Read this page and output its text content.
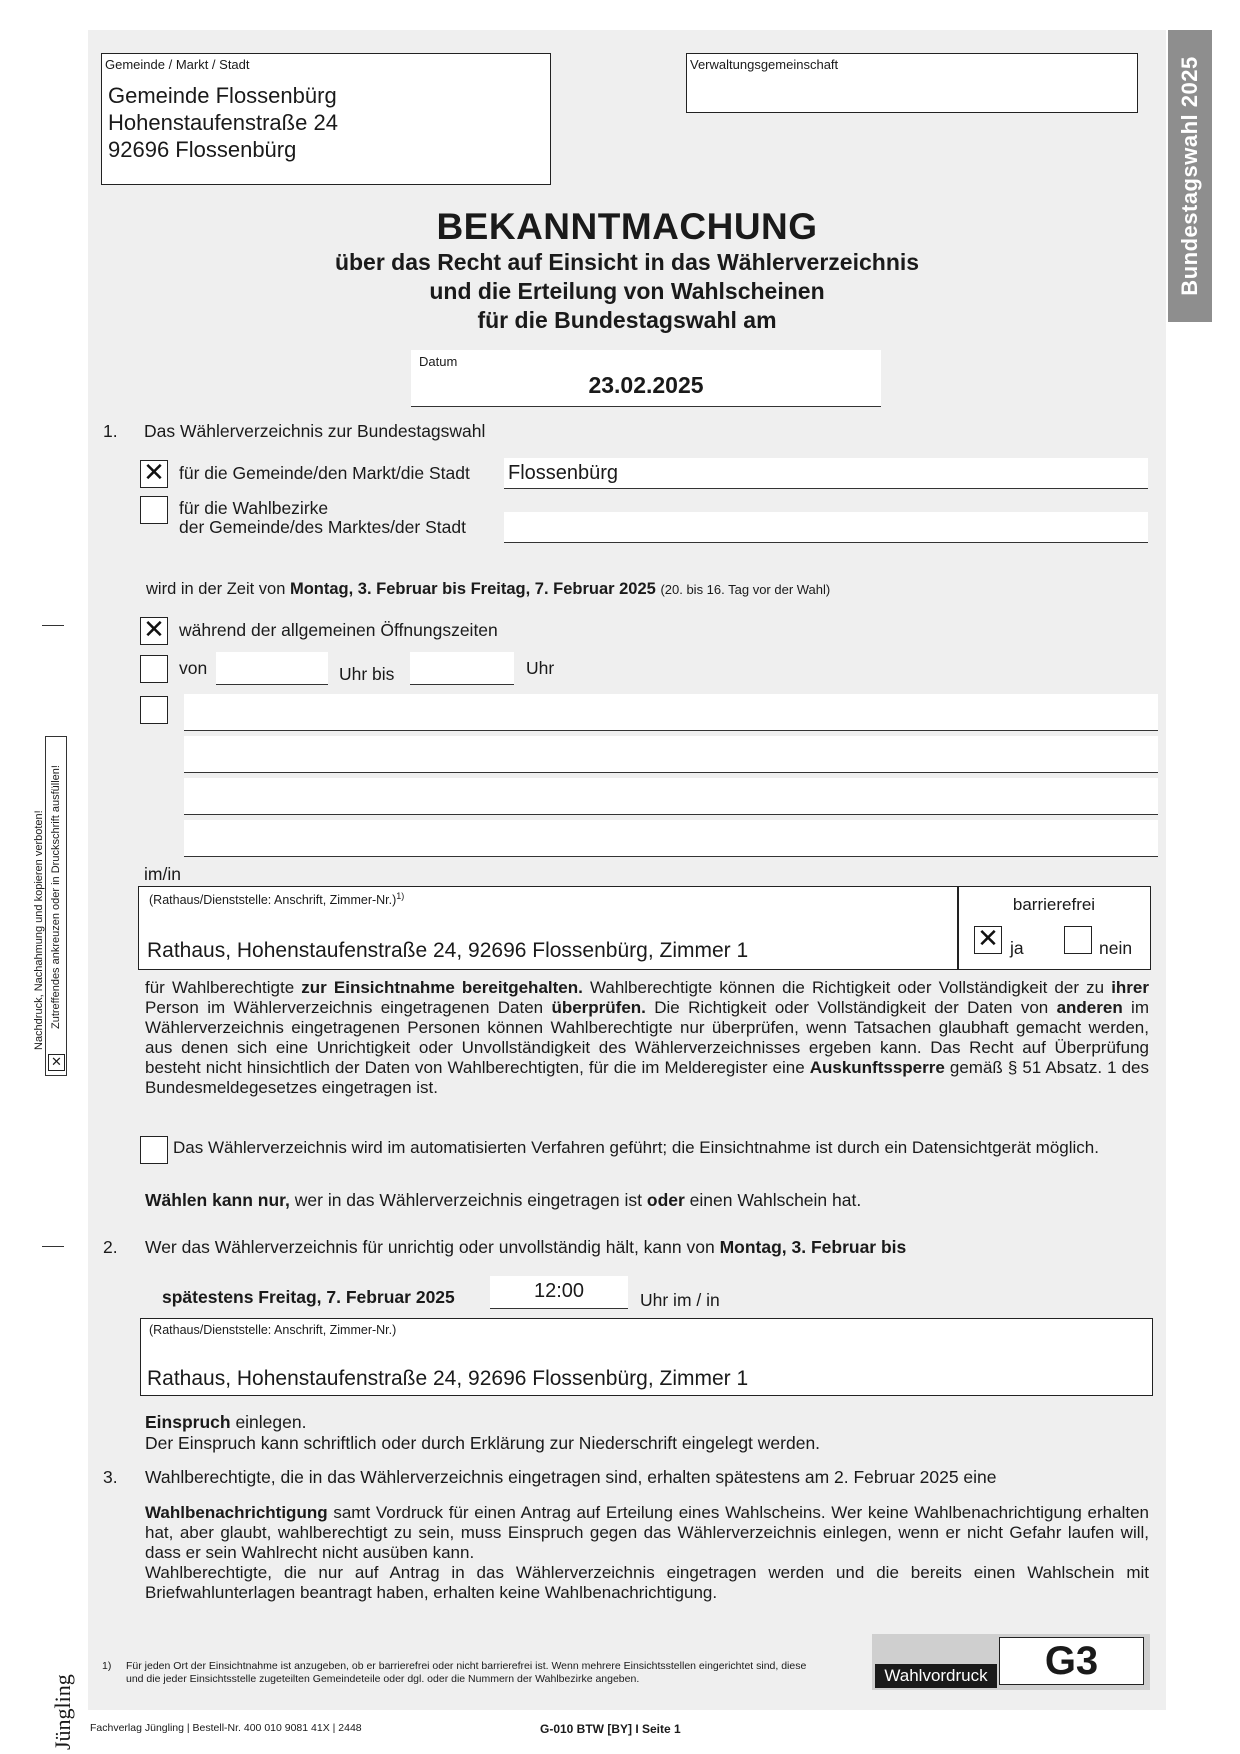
Bundestagswahl 2025
Gemeinde / Markt / Stadt
Gemeinde Flossenbürg
Hohenstaufenstraße 24
92696 Flossenbürg
Verwaltungsgemeinschaft
BEKANNTMACHUNG
über das Recht auf Einsicht in das Wählerverzeichnis
und die Erteilung von Wahlscheinen
für die Bundestagswahl am
Datum
23.02.2025
1. Das Wählerverzeichnis zur Bundestagswahl
✕ für die Gemeinde/den Markt/die Stadt Flossenbürg
für die Wahlbezirke
der Gemeinde/des Marktes/der Stadt
wird in der Zeit von Montag, 3. Februar bis Freitag, 7. Februar 2025 (20. bis 16. Tag vor der Wahl)
✕ während der allgemeinen Öffnungszeiten
von	Uhr bis	Uhr
im/in
(Rathaus/Dienststelle: Anschrift, Zimmer-Nr.)$^{1)}$
Rathaus, Hohenstaufenstraße 24, 92696 Flossenbürg, Zimmer 1
barrierefrei
✕ ja	nein
für Wahlberechtigte zur Einsichtnahme bereitgehalten. Wahlberechtigte können die Richtigkeit oder Vollständigkeit der zu ihrer Person im Wählerverzeichnis eingetragenen Daten überprüfen. Die Richtigkeit oder Vollständigkeit der Daten von anderen im Wählerverzeichnis eingetragenen Personen können Wahlberechtigte nur überprüfen, wenn Tatsachen glaubhaft gemacht werden, aus denen sich eine Unrichtigkeit oder Unvollständigkeit des Wählerverzeichnisses ergeben kann. Das Recht auf Überprüfung besteht nicht hinsichtlich der Daten von Wahlberechtigten, für die im Melderegister eine Auskunftssperre gemäß § 51 Absatz. 1 des Bundesmeldegesetzes eingetragen ist.
Das Wählerverzeichnis wird im automatisierten Verfahren geführt; die Einsichtnahme ist durch ein Datensichtgerät möglich.
Wählen kann nur, wer in das Wählerverzeichnis eingetragen ist oder einen Wahlschein hat.
2. Wer das Wählerverzeichnis für unrichtig oder unvollständig hält, kann von Montag, 3. Februar bis
spätestens Freitag, 7. Februar 2025	12:00	Uhr im / in
(Rathaus/Dienststelle: Anschrift, Zimmer-Nr.)
Rathaus, Hohenstaufenstraße 24, 92696 Flossenbürg, Zimmer 1
Einspruch einlegen.
Der Einspruch kann schriftlich oder durch Erklärung zur Niederschrift eingelegt werden.
3. Wahlberechtigte, die in das Wählerverzeichnis eingetragen sind, erhalten spätestens am 2. Februar 2025 eine
Wahlbenachrichtigung samt Vordruck für einen Antrag auf Erteilung eines Wahlscheins. Wer keine Wahlbenachrichtigung erhalten hat, aber glaubt, wahlberechtigt zu sein, muss Einspruch gegen das Wählerverzeichnis einlegen, wenn er nicht Gefahr laufen will, dass er sein Wahlrecht nicht ausüben kann.
Wahlberechtigte, die nur auf Antrag in das Wählerverzeichnis eingetragen werden und die bereits einen Wahlschein mit Briefwahlunterlagen beantragt haben, erhalten keine Wahlbenachrichtigung.
1) Für jeden Ort der Einsichtnahme ist anzugeben, ob er barrierefrei oder nicht barrierefrei ist. Wenn mehrere Einsichtsstellen eingerichtet sind, diese und die jeder Einsichtsstelle zugeteilten Gemeindeteile oder dgl. oder die Nummern der Wahlbezirke angeben.	Wahlvordruck	G3
Fachverlag Jüngling | Bestell-Nr. 400 010 9081 41X | 2448	G-010 BTW [BY] I Seite 1
Nachdruck, Nachahmung und kopieren verboten! Zutreffendes ankreuzen oder in Druckschrift ausfüllen!
✕
Jüngling
